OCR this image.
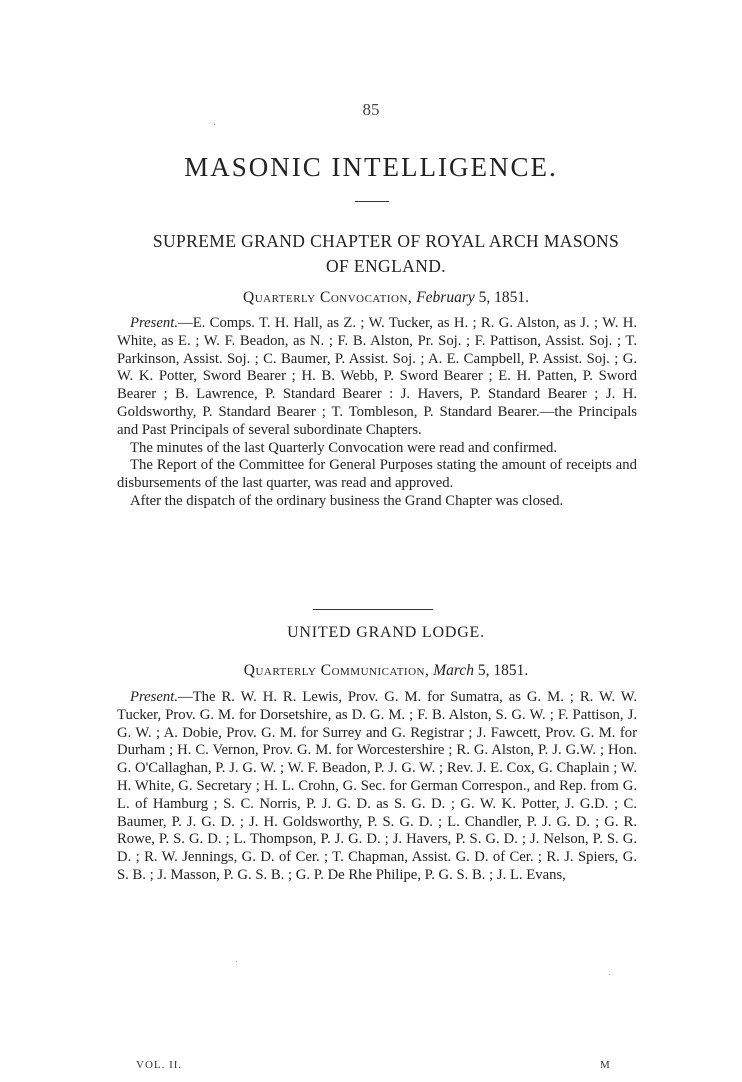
85
MASONIC INTELLIGENCE.
SUPREME GRAND CHAPTER OF ROYAL ARCH MASONS
OF ENGLAND.
Quarterly Convocation, February 5, 1851.

Present.—E. Comps. T. H. Hall, as Z. ; W. Tucker, as H. ; R. G. Alston, as J. ; W. H. White, as E. ; W. F. Beadon, as N. ; F. B. Alston, Pr. Soj. ; F. Pattison, Assist. Soj. ; T. Parkinson, Assist. Soj. ; C. Baumer, P. Assist. Soj. ; A. E. Campbell, P. Assist. Soj. ; G. W. K. Potter, Sword Bearer ; H. B. Webb, P. Sword Bearer ; E. H. Patten, P. Sword Bearer ; B. Lawrence, P. Standard Bearer : J. Havers, P. Standard Bearer ; J. H. Goldsworthy, P. Standard Bearer ; T. Tombleson, P. Standard Bearer.—the Principals and Past Principals of several subordinate Chapters.

The minutes of the last Quarterly Convocation were read and confirmed.

The Report of the Committee for General Purposes stating the amount of receipts and disbursements of the last quarter, was read and approved.

After the dispatch of the ordinary business the Grand Chapter was closed.

UNITED GRAND LODGE.
Quarterly Communication, March 5, 1851.

Present.—The R. W. H. R. Lewis, Prov. G. M. for Sumatra, as G. M. ; R. W. W. Tucker, Prov. G. M. for Dorsetshire, as D. G. M. ; F. B. Alston, S. G. W. ; F. Pattison, J. G. W. ; A. Dobie, Prov. G. M. for Surrey and G. Registrar ; J. Fawcett, Prov. G. M. for Durham ; H. C. Vernon, Prov. G. M. for Worcestershire ; R. G. Alston, P. J. G.W. ; Hon. G. O'Callaghan, P. J. G. W. ; W. F. Beadon, P. J. G. W. ; Rev. J. E. Cox, G. Chaplain ; W. H. White, G. Secretary ; H. L. Crohn, G. Sec. for German Correspon., and Rep. from G. L. of Hamburg ; S. C. Norris, P. J. G. D. as S. G. D. ; G. W. K. Potter, J. G.D. ; C. Baumer, P. J. G. D. ; J. H. Goldsworthy, P. S. G. D. ; L. Chandler, P. J. G. D. ; G. R. Rowe, P. S. G. D. ; L. Thompson, P. J. G. D. ; J. Havers, P. S. G. D. ; J. Nelson, P. S. G. D. ; R. W. Jennings, G. D. of Cer. ; T. Chapman, Assist. G. D. of Cer. ; R. J. Spiers, G. S. B. ; J. Masson, P. G. S. B. ; G. P. De Rhe Philipe, P. G. S. B. ; J. L. Evans,

VOL. II.	M
